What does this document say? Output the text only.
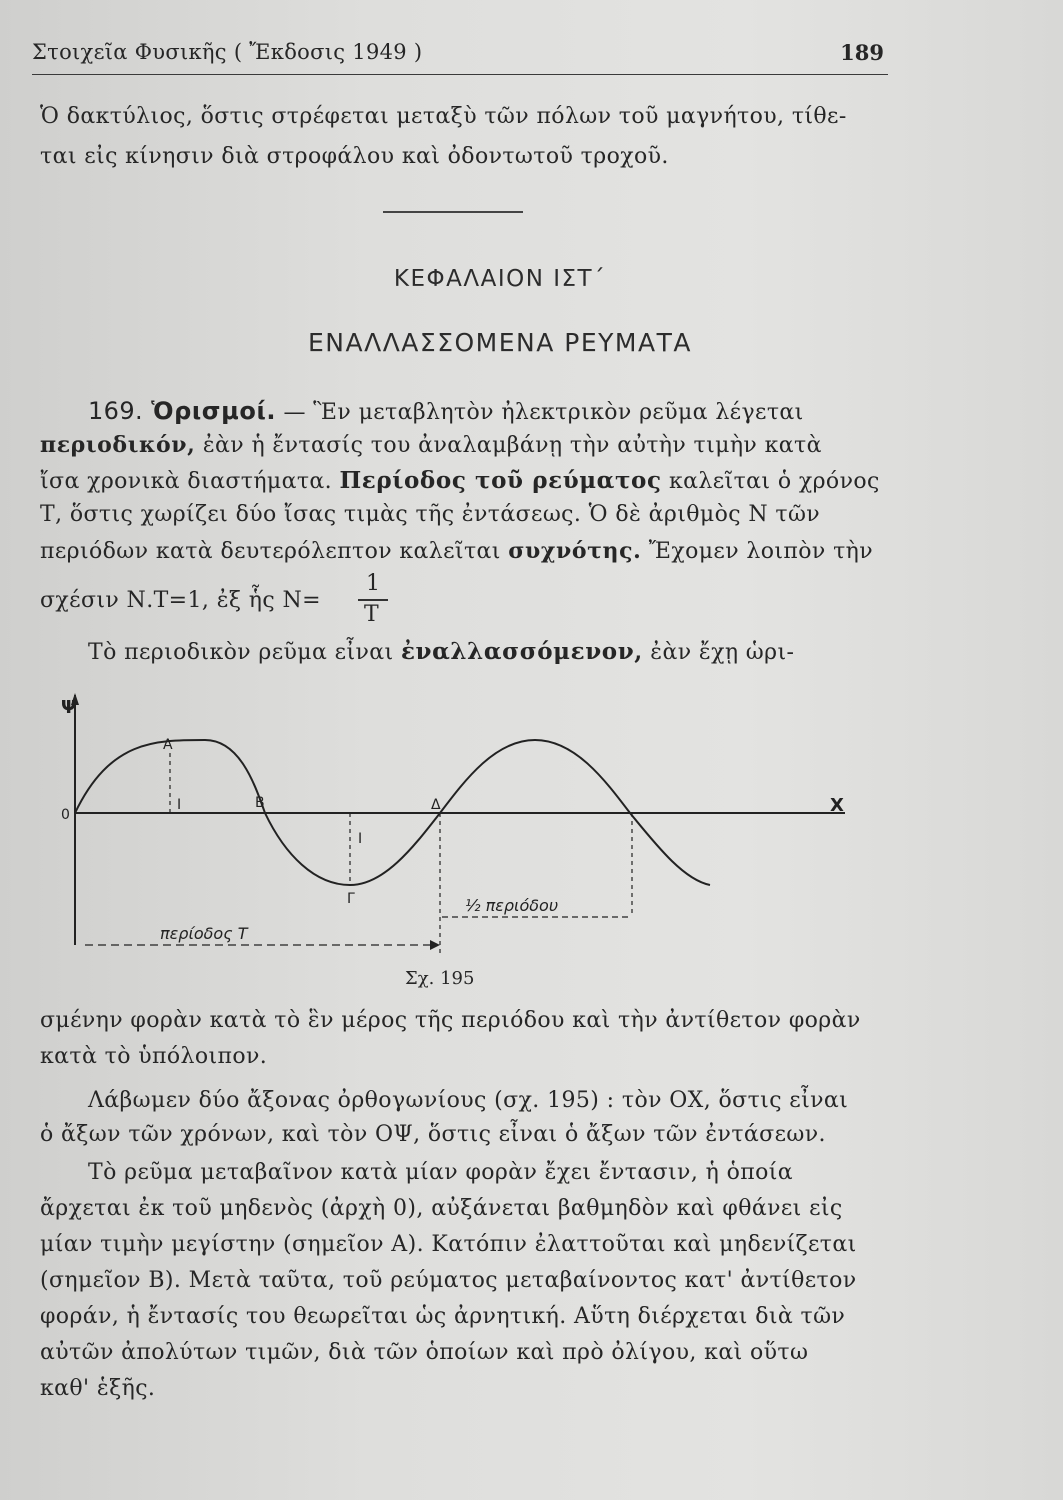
Στοιχεῖα Φυσικῆς ( Ἔκδοσις 1949 )	189
Ὁ δακτύλιος, ὅστις στρέφεται μεταξὺ τῶν πόλων τοῦ μαγνήτου, τίθε-
ται εἰς κίνησιν διὰ στροφάλου καὶ ὀδοντωτοῦ τροχοῦ.
ΚΕΦΑΛΑΙΟΝ ΙΣΤ΄
ΕΝΑΛΛΑΣΣΟΜΕΝΑ ΡΕΥΜΑΤΑ
169. Ὁρισμοί. — Ἓν μεταβλητὸν ἠλεκτρικὸν ρεῦμα λέγεται
περιοδικόν, ἐὰν ἡ ἔντασίς του ἀναλαμβάνῃ τὴν αὐτὴν τιμὴν κατὰ
ἴσα χρονικὰ διαστήματα. Περίοδος τοῦ ρεύματος καλεῖται ὁ χρόνος
Τ, ὅστις χωρίζει δύο ἴσας τιμὰς τῆς ἐντάσεως. Ὁ δὲ ἀριθμὸς Ν τῶν
περιόδων κατὰ δευτερόλεπτον καλεῖται συχνότης. Ἔχομεν λοιπὸν τὴν
σχέσιν Ν.Τ=1, ἐξ ἧς Ν=
1
Τ
Τὸ περιοδικὸν ρεῦμα εἶναι ἐναλλασσόμενον, ἐὰν ἔχῃ ὡρι-
Ψ
Χ
0
Α
Β	Δ
Γ
Ι
Ι
½ περιόδου
περίοδος Τ
Σχ. 195
σμένην φορὰν κατὰ τὸ ἓν μέρος τῆς περιόδου καὶ τὴν ἀντίθετον φορὰν
κατὰ τὸ ὑπόλοιπον.
Λάβωμεν δύο ἄξονας ὀρθογωνίους (σχ. 195) : τὸν ΟΧ, ὅστις εἶναι
ὁ ἄξων τῶν χρόνων, καὶ τὸν ΟΨ, ὅστις εἶναι ὁ ἄξων τῶν ἐντάσεων.
Τὸ ρεῦμα μεταβαῖνον κατὰ μίαν φορὰν ἔχει ἔντασιν, ἡ ὁποία
ἄρχεται ἐκ τοῦ μηδενὸς (ἀρχὴ 0), αὐξάνεται βαθμηδὸν καὶ φθάνει εἰς
μίαν τιμὴν μεγίστην (σημεῖον Α). Κατόπιν ἐλαττοῦται καὶ μηδενίζεται
(σημεῖον Β). Μετὰ ταῦτα, τοῦ ρεύματος μεταβαίνοντος κατ' ἀντίθετον
φοράν, ἡ ἔντασίς του θεωρεῖται ὡς ἀρνητική. Αὕτη διέρχεται διὰ τῶν
αὐτῶν ἀπολύτων τιμῶν, διὰ τῶν ὁποίων καὶ πρὸ ὀλίγου, καὶ οὕτω
καθ' ἑξῆς.
